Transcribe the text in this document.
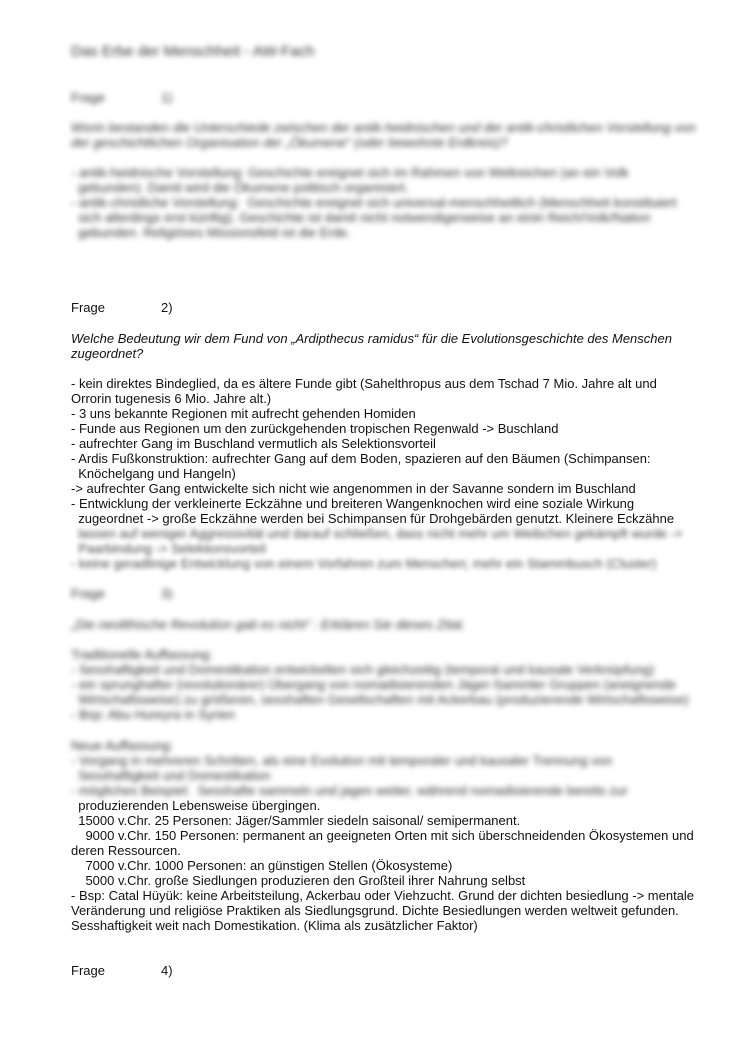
Das Erbe der Menschheit - AW-Fach
Frage	1)
Worin bestanden die Unterschiede zwischen der antik-heidnischen und der antik-christlichen Vorstellung von
der geschichtlichen Organisation der „Ökumene“ (oder bewohnte Erdkreis)?
- antik-heidnische Vorstellung: Geschichte ereignet sich im Rahmen von Weltreichen (an ein Volk
gebunden). Damit wird die Ökumene politisch organisiert.
- antik-christliche Vorstellung:  Geschichte ereignet sich universal-menschheitlich (Menschheit konstituiert
sich allerdings erst künftig). Geschichte ist damit nicht notwendigerweise an einin Reich/Volk/Nation
gebunden. Religiöses Missionsfeld ist die Erde.
Frage	2)
Welche Bedeutung wir dem Fund von „Ardipthecus ramidus“ für die Evolutionsgeschichte des Menschen
zugeordnet?
- kein direktes Bindeglied, da es ältere Funde gibt (Sahelthropus aus dem Tschad 7 Mio. Jahre alt und
Orrorin tugenesis 6 Mio. Jahre alt.)
- 3 uns bekannte Regionen mit aufrecht gehenden Homiden
- Funde aus Regionen um den zurückgehenden tropischen Regenwald -> Buschland
- aufrechter Gang im Buschland vermutlich als Selektionsvorteil
- Ardis Fußkonstruktion: aufrechter Gang auf dem Boden, spazieren auf den Bäumen (Schimpansen:
Knöchelgang und Hangeln)
-> aufrechter Gang entwickelte sich nicht wie angenommen in der Savanne sondern im Buschland
- Entwicklung der verkleinerte Eckzähne und breiteren Wangenknochen wird eine soziale Wirkung
zugeordnet -> große Eckzähne werden bei Schimpansen für Drohgebärden genutzt. Kleinere Eckzähne
lassen auf weniger Aggressivität und darauf schließen, dass nicht mehr um Weibchen gekämpft wurde ->
Paarbindung -> Selektionsvorteil
- keine geradlinige Entwicklung von einem Vorfahren zum Menschen; mehr ein Stammbusch (Cluster)
Frage	3)
„Die neolithische Revolution gab es nicht“ : Erklären Sie dieses Zitat.
Traditionelle Auffassung:
- Sesshaftigkeit und Domestikation entwickelten sich gleichzeitig (temporal und kausale Verknüpfung)
- ein sprunghafter (revolutionärer) Übergang von nomadisierenden Jäger-Sammler Gruppen (aneignende
Wirtschaftsweise) zu größeren, sesshaften Gesellschaften mit Ackerbau (produzierende Wirtschaftsweise)
- Bsp: Abu Hureyra in Syrien
Neue Auffassung:
- Vorgang in mehreren Schritten, als eine Evolution mit temporaler und kausaler Trennung von
Sesshaftigkeit und Domestikation
- mögliches Beispiel:  Sesshafte sammeln und jagen weiter, während nomadisierende bereits zur
produzierenden Lebensweise übergingen.
15000 v.Chr. 25 Personen: Jäger/Sammler siedeln saisonal/ semipermanent.
9000 v.Chr. 150 Personen: permanent an geeigneten Orten mit sich überschneidenden Ökosystemen und
deren Ressourcen.
7000 v.Chr. 1000 Personen: an günstigen Stellen (Ökosysteme)
5000 v.Chr. große Siedlungen produzieren den Großteil ihrer Nahrung selbst
- Bsp: Catal Hüyük: keine Arbeitsteilung, Ackerbau oder Viehzucht. Grund der dichten besiedlung -> mentale
Veränderung und religiöse Praktiken als Siedlungsgrund. Dichte Besiedlungen werden weltweit gefunden.
Sesshaftigkeit weit nach Domestikation. (Klima als zusätzlicher Faktor)
Frage	4)
